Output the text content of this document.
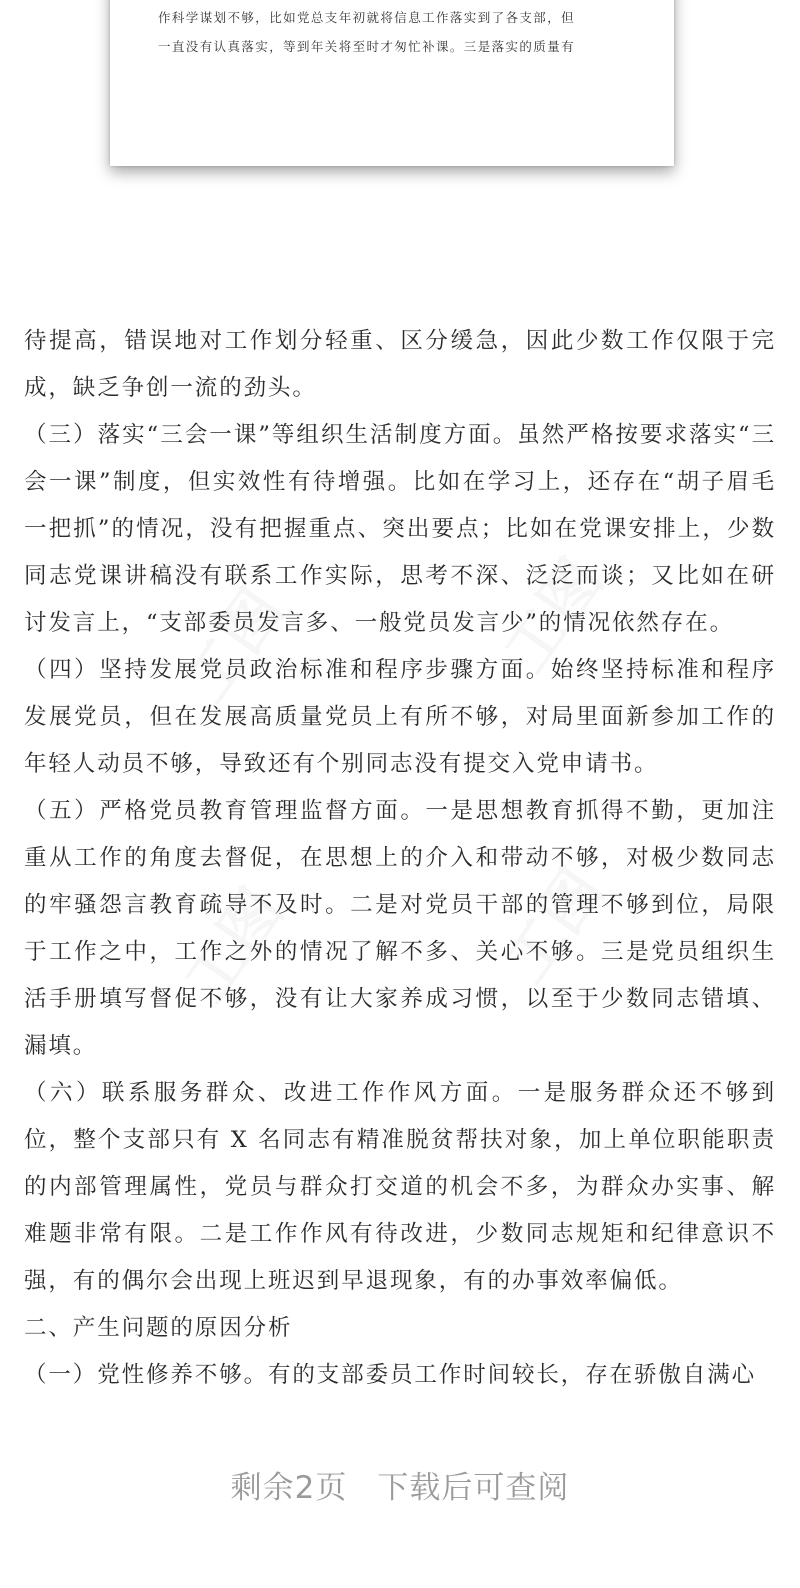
作科学谋划不够，比如党总支年初就将信息工作落实到了各支部，但
一直没有认真落实，等到年关将至时才匆忙补课。三是落实的质量有

待提高，错误地对工作划分轻重、区分缓急，因此少数工作仅限于完成，缺乏争创一流的劲头。

（三）落实“三会一课”等组织生活制度方面。虽然严格按要求落实“三会一课”制度，但实效性有待增强。比如在学习上，还存在“胡子眉毛一把抓”的情况，没有把握重点、突出要点；比如在党课安排上，少数同志党课讲稿没有联系工作实际，思考不深、泛泛而谈；又比如在研讨发言上，“支部委员发言多、一般党员发言少”的情况依然存在。

（四）坚持发展党员政治标准和程序步骤方面。始终坚持标准和程序发展党员，但在发展高质量党员上有所不够，对局里面新参加工作的年轻人动员不够，导致还有个别同志没有提交入党申请书。

（五）严格党员教育管理监督方面。一是思想教育抓得不勤，更加注重从工作的角度去督促，在思想上的介入和带动不够，对极少数同志的牢骚怨言教育疏导不及时。二是对党员干部的管理不够到位，局限于工作之中，工作之外的情况了解不多、关心不够。三是党员组织生活手册填写督促不够，没有让大家养成习惯，以至于少数同志错填、漏填。

（六）联系服务群众、改进工作作风方面。一是服务群众还不够到位，整个支部只有 X 名同志有精准脱贫帮扶对象，加上单位职能职责的内部管理属性，党员与群众打交道的机会不多，为群众办实事、解难题非常有限。二是工作作风有待改进，少数同志规矩和纪律意识不强，有的偶尔会出现上班迟到早退现象，有的办事效率偏低。

二、产生问题的原因分析

（一）党性修养不够。有的支部委员工作时间较长，存在骄傲自满心

剩余2页 下载后可查阅
